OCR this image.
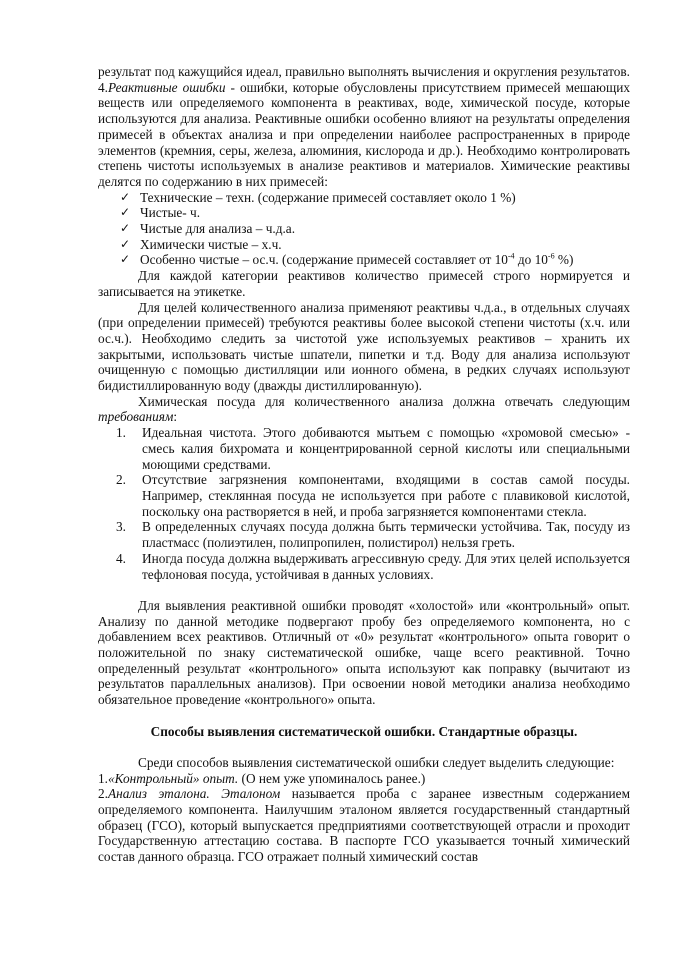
результат под кажущийся идеал, правильно выполнять вычисления и округления результатов.

4.Реактивные ошибки - ошибки, которые обусловлены присутствием примесей мешающих веществ или определяемого компонента в реактивах, воде, химической посуде, которые используются для анализа. Реактивные ошибки особенно влияют на результаты определения примесей в объектах анализа и при определении наиболее распространенных в природе элементов (кремния, серы, железа, алюминия, кислорода и др.). Необходимо контролировать степень чистоты используемых в анализе реактивов и материалов. Химические реактивы делятся по содержанию в них примесей:

✓ Технические – техн. (содержание примесей составляет около 1 %)
✓ Чистые- ч.
✓ Чистые для анализа – ч.д.а.
✓ Химически чистые – х.ч.
✓ Особенно чистые – ос.ч. (содержание примесей составляет от $10^{-4}$ до $10^{-6}$ %)

Для каждой категории реактивов количество примесей строго нормируется и записывается на этикетке.

Для целей количественного анализа применяют реактивы ч.д.а., в отдельных случаях (при определении примесей) требуются реактивы более высокой степени чистоты (х.ч. или ос.ч.). Необходимо следить за чистотой уже используемых реактивов – хранить их закрытыми, использовать чистые шпатели, пипетки и т.д. Воду для анализа используют очищенную с помощью дистилляции или ионного обмена, в редких случаях используют бидистиллированную воду (дважды дистиллированную).

Химическая посуда для количественного анализа должна отвечать следующим требованиям:

1. Идеальная чистота. Этого добиваются мытьем с помощью «хромовой смесью» - смесь калия бихромата и концентрированной серной кислоты или специальными моющими средствами.
2. Отсутствие загрязнения компонентами, входящими в состав самой посуды. Например, стеклянная посуда не используется при работе с плавиковой кислотой, поскольку она растворяется в ней, и проба загрязняется компонентами стекла.
3. В определенных случаях посуда должна быть термически устойчива. Так, посуду из пластмасс (полиэтилен, полипропилен, полистирол) нельзя греть.
4. Иногда посуда должна выдерживать агрессивную среду. Для этих целей используется тефлоновая посуда, устойчивая в данных условиях.

Для выявления реактивной ошибки проводят «холостой» или «контрольный» опыт. Анализу по данной методике подвергают пробу без определяемого компонента, но с добавлением всех реактивов. Отличный от «0» результат «контрольного» опыта говорит о положительной по знаку систематической ошибке, чаще всего реактивной. Точно определенный результат «контрольного» опыта используют как поправку (вычитают из результатов параллельных анализов). При освоении новой методики анализа необходимо обязательное проведение «контрольного» опыта.

Способы выявления систематической ошибки. Стандартные образцы.

Среди способов выявления систематической ошибки следует выделить следующие:

1.«Контрольный» опыт. (О нем уже упоминалось ранее.)

2.Анализ эталона. Эталоном называется проба с заранее известным содержанием определяемого компонента. Наилучшим эталоном является государственный стандартный образец (ГСО), который выпускается предприятиями соответствующей отрасли и проходит Государственную аттестацию состава. В паспорте ГСО указывается точный химический состав данного образца. ГСО отражает полный химический состав
